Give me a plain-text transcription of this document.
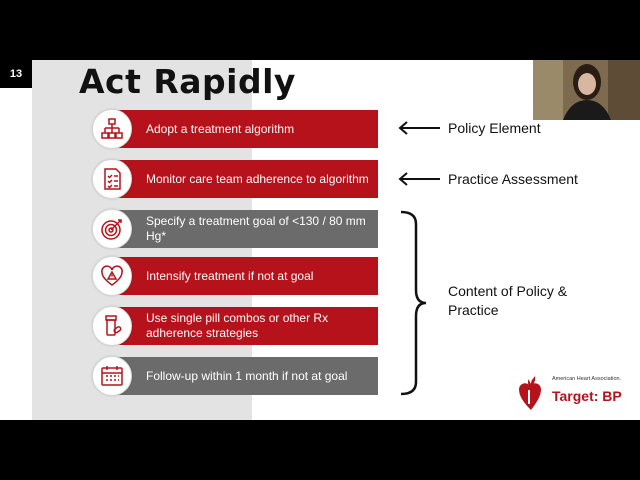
13 Act Rapidly
Adopt a treatment algorithm
Monitor care team adherence to algorithm
Specify a treatment goal of <130 / 80 mm Hg*
Intensify treatment if not at goal
Use single pill combos or other Rx adherence strategies
Follow-up within 1 month if not at goal
Policy Element
Practice Assessment
Content of Policy &
Practice
American Heart Association.
Target: BP
